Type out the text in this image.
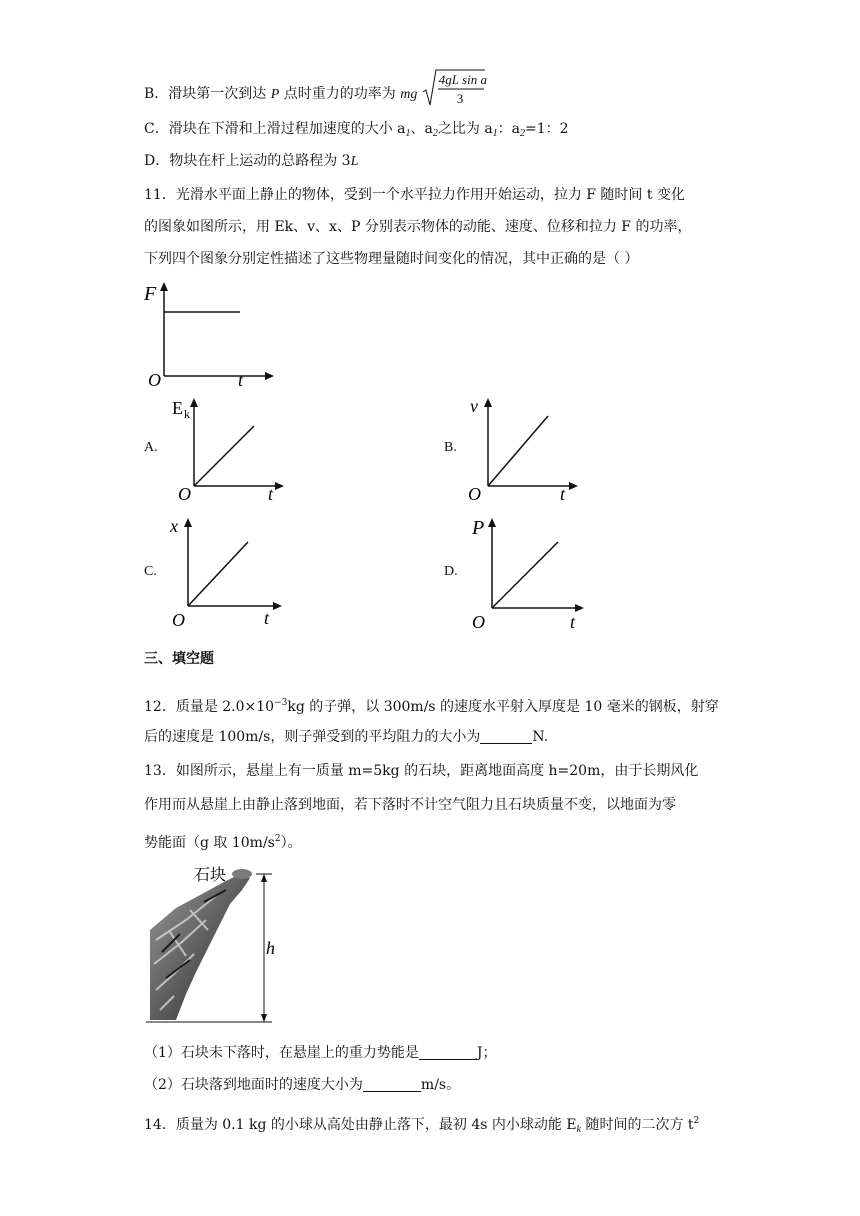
B．滑块第一次到达 P 点时重力的功率为 mg
4gL sin a
3
C．滑块在下滑和上滑过程加速度的大小 $a_1$、$a_2$之比为 $a_1$：$a_2=1$：2
D．物块在杆上运动的总路程为 3L
11．光滑水平面上静止的物体，受到一个水平拉力作用开始运动，拉力 F 随时间 t 变化
的图象如图所示，用 Ek、v、x、P 分别表示物体的动能、速度、位移和拉力 F 的功率，
下列四个图象分别定性描述了这些物理量随时间变化的情况，其中正确的是（ ）
F
O	t
A.
E k
O	t
B.
v
O	t
C.
x
O	t
D.
P
O	t
三、填空题
12．质量是 $2.0\times 10^{-3}kg$ 的子弹，以 300m/s 的速度水平射入厚度是 10 毫米的钢板，射穿
后的速度是 100m/s，则子弹受到的平均阻力的大小为	N.
13．如图所示，悬崖上有一质量 m=5kg 的石块，距离地面高度 h=20m，由于长期风化
作用而从悬崖上由静止落到地面，若下落时不计空气阻力且石块质量不变，以地面为零
势能面（g 取 $10m/s^2$）。
石块
h
（1）石块未下落时，在悬崖上的重力势能是	J；
（2）石块落到地面时的速度大小为	m/s。
14．质量为 0.1 kg 的小球从高处由静止落下，最初 4s 内小球动能 $E_k$ 随时间的二次方 $t^2$
